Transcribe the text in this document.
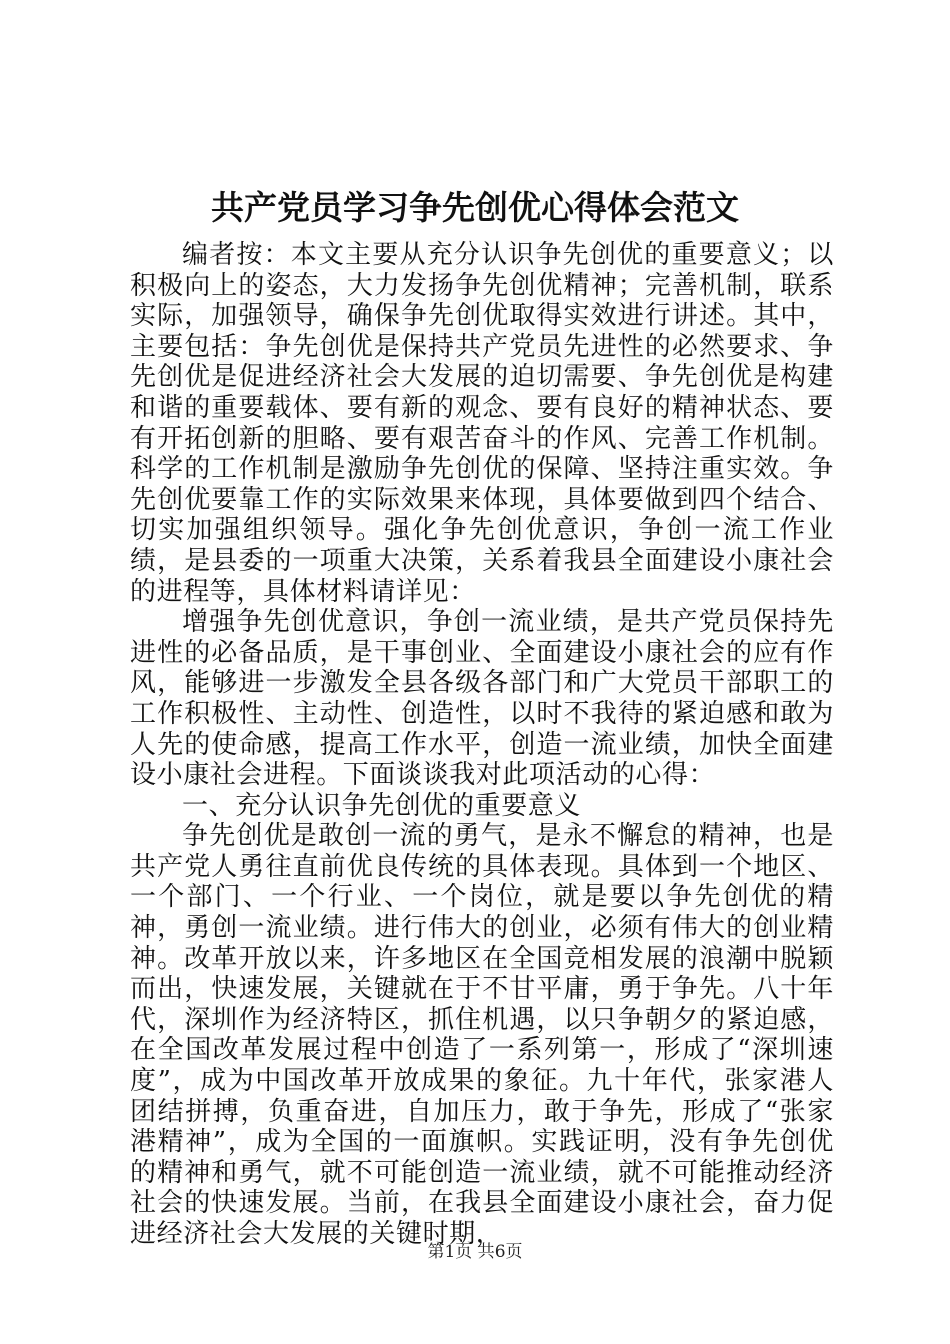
共产党员学习争先创优心得体会范文

编者按：本文主要从充分认识争先创优的重要意义；以积极向上的姿态，大力发扬争先创优精神；完善机制，联系实际，加强领导，确保争先创优取得实效进行讲述。其中，主要包括：争先创优是保持共产党员先进性的必然要求、争先创优是促进经济社会大发展的迫切需要、争先创优是构建和谐的重要载体、要有新的观念、要有良好的精神状态、要有开拓创新的胆略、要有艰苦奋斗的作风、完善工作机制。科学的工作机制是激励争先创优的保障、坚持注重实效。争先创优要靠工作的实际效果来体现，具体要做到四个结合、切实加强组织领导。强化争先创优意识，争创一流工作业绩，是县委的一项重大决策，关系着我县全面建设小康社会的进程等，具体材料请详见：

增强争先创优意识，争创一流业绩，是共产党员保持先进性的必备品质，是干事创业、全面建设小康社会的应有作风，能够进一步激发全县各级各部门和广大党员干部职工的工作积极性、主动性、创造性，以时不我待的紧迫感和敢为人先的使命感，提高工作水平，创造一流业绩，加快全面建设小康社会进程。下面谈谈我对此项活动的心得：

一、充分认识争先创优的重要意义

争先创优是敢创一流的勇气，是永不懈怠的精神，也是共产党人勇往直前优良传统的具体表现。具体到一个地区、一个部门、一个行业、一个岗位，就是要以争先创优的精神，勇创一流业绩。进行伟大的创业，必须有伟大的创业精神。改革开放以来，许多地区在全国竞相发展的浪潮中脱颖而出，快速发展，关键就在于不甘平庸，勇于争先。八十年代，深圳作为经济特区，抓住机遇，以只争朝夕的紧迫感，在全国改革发展过程中创造了一系列第一，形成了“深圳速度”，成为中国改革开放成果的象征。九十年代，张家港人团结拼搏，负重奋进，自加压力，敢于争先，形成了“张家港精神”，成为全国的一面旗帜。实践证明，没有争先创优的精神和勇气，就不可能创造一流业绩，就不可能推动经济社会的快速发展。当前，在我县全面建设小康社会，奋力促进经济社会大发展的关键时期，

第1页 共6页
